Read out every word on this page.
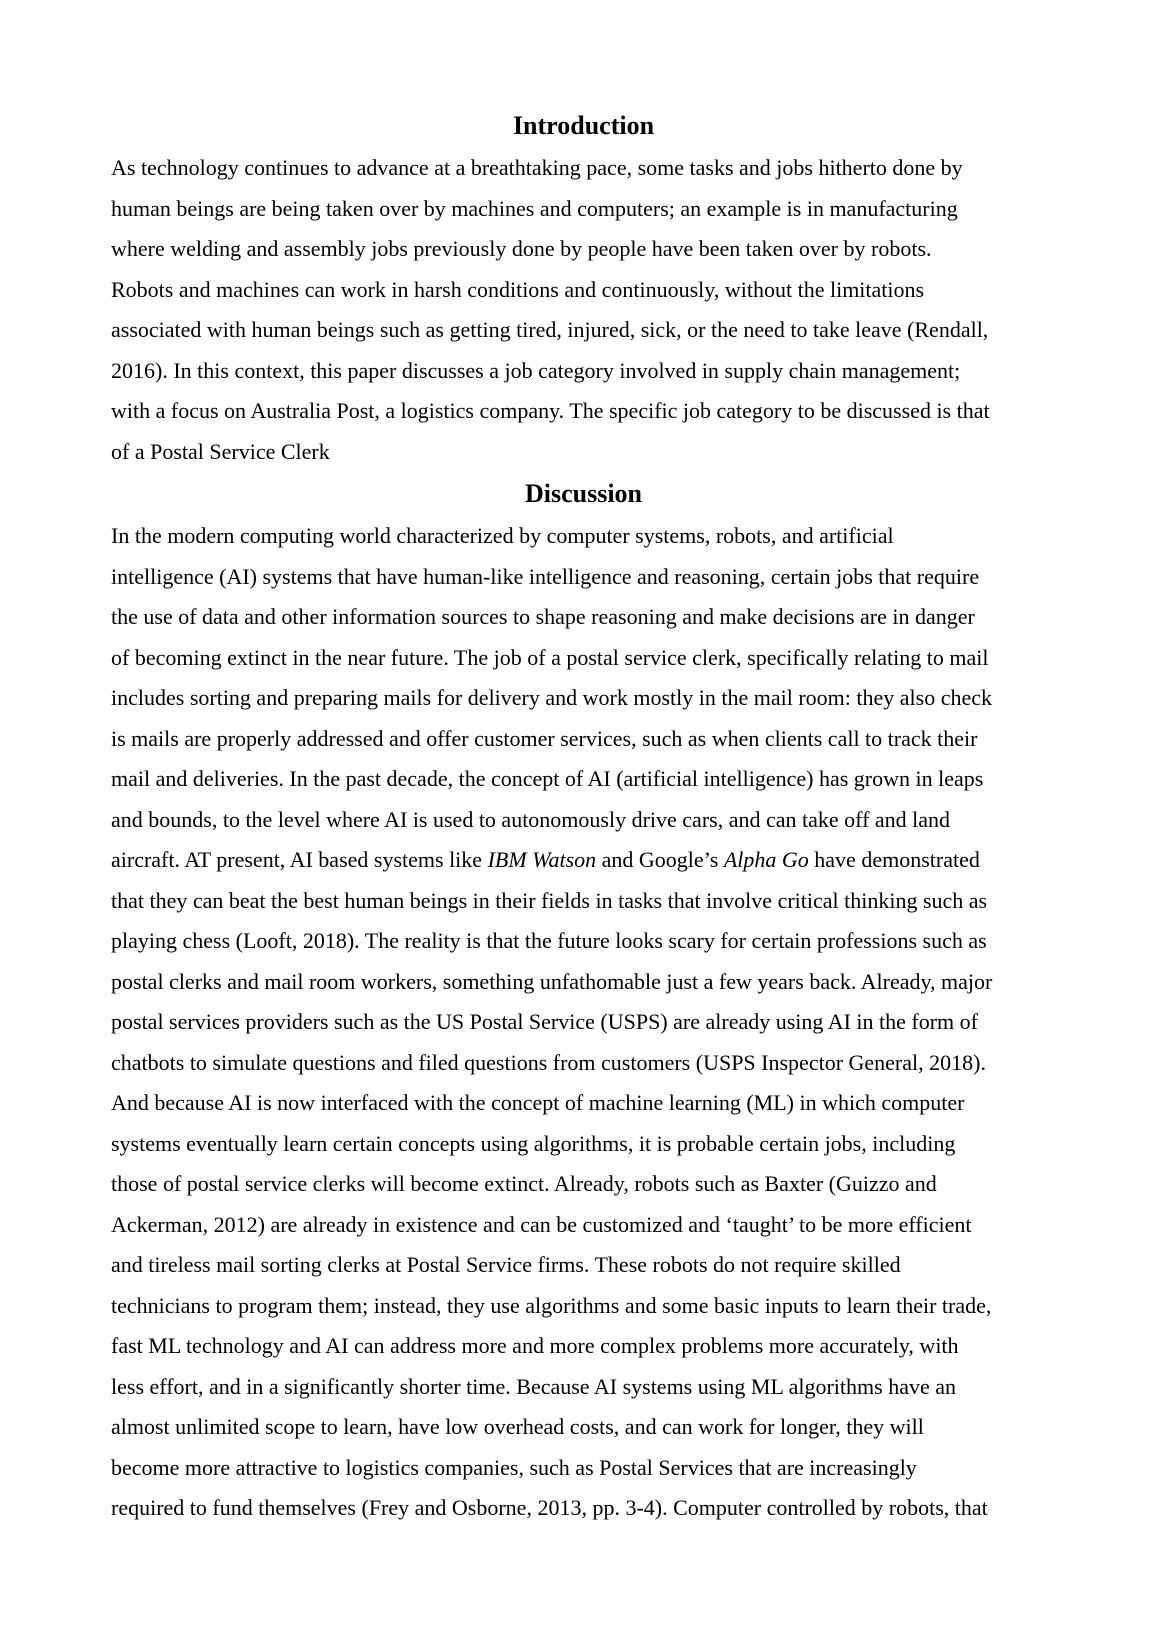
Introduction

As technology continues to advance at a breathtaking pace, some tasks and jobs hitherto done by
human beings are being taken over by machines and computers; an example is in manufacturing
where welding and assembly jobs previously done by people have been taken over by robots.
Robots and machines can work in harsh conditions and continuously, without the limitations
associated with human beings such as getting tired, injured, sick, or the need to take leave (Rendall,
2016). In this context, this paper discusses a job category involved in supply chain management;
with a focus on Australia Post, a logistics company. The specific job category to be discussed is that
of a Postal Service Clerk

Discussion

In the modern computing world characterized by computer systems, robots, and artificial
intelligence (AI) systems that have human-like intelligence and reasoning, certain jobs that require
the use of data and other information sources to shape reasoning and make decisions are in danger
of becoming extinct in the near future. The job of a postal service clerk, specifically relating to mail
includes sorting and preparing mails for delivery and work mostly in the mail room: they also check
is mails are properly addressed and offer customer services, such as when clients call to track their
mail and deliveries. In the past decade, the concept of AI (artificial intelligence) has grown in leaps
and bounds, to the level where AI is used to autonomously drive cars, and can take off and land
aircraft. AT present, AI based systems like IBM Watson and Google’s Alpha Go have demonstrated
that they can beat the best human beings in their fields in tasks that involve critical thinking such as
playing chess (Looft, 2018). The reality is that the future looks scary for certain professions such as
postal clerks and mail room workers, something unfathomable just a few years back. Already, major
postal services providers such as the US Postal Service (USPS) are already using AI in the form of
chatbots to simulate questions and filed questions from customers (USPS Inspector General, 2018).
And because AI is now interfaced with the concept of machine learning (ML) in which computer
systems eventually learn certain concepts using algorithms, it is probable certain jobs, including
those of postal service clerks will become extinct. Already, robots such as Baxter (Guizzo and
Ackerman, 2012) are already in existence and can be customized and ‘taught’ to be more efficient
and tireless mail sorting clerks at Postal Service firms. These robots do not require skilled
technicians to program them; instead, they use algorithms and some basic inputs to learn their trade,
fast ML technology and AI can address more and more complex problems more accurately, with
less effort, and in a significantly shorter time. Because AI systems using ML algorithms have an
almost unlimited scope to learn, have low overhead costs, and can work for longer, they will
become more attractive to logistics companies, such as Postal Services that are increasingly
required to fund themselves (Frey and Osborne, 2013, pp. 3-4). Computer controlled by robots, that
